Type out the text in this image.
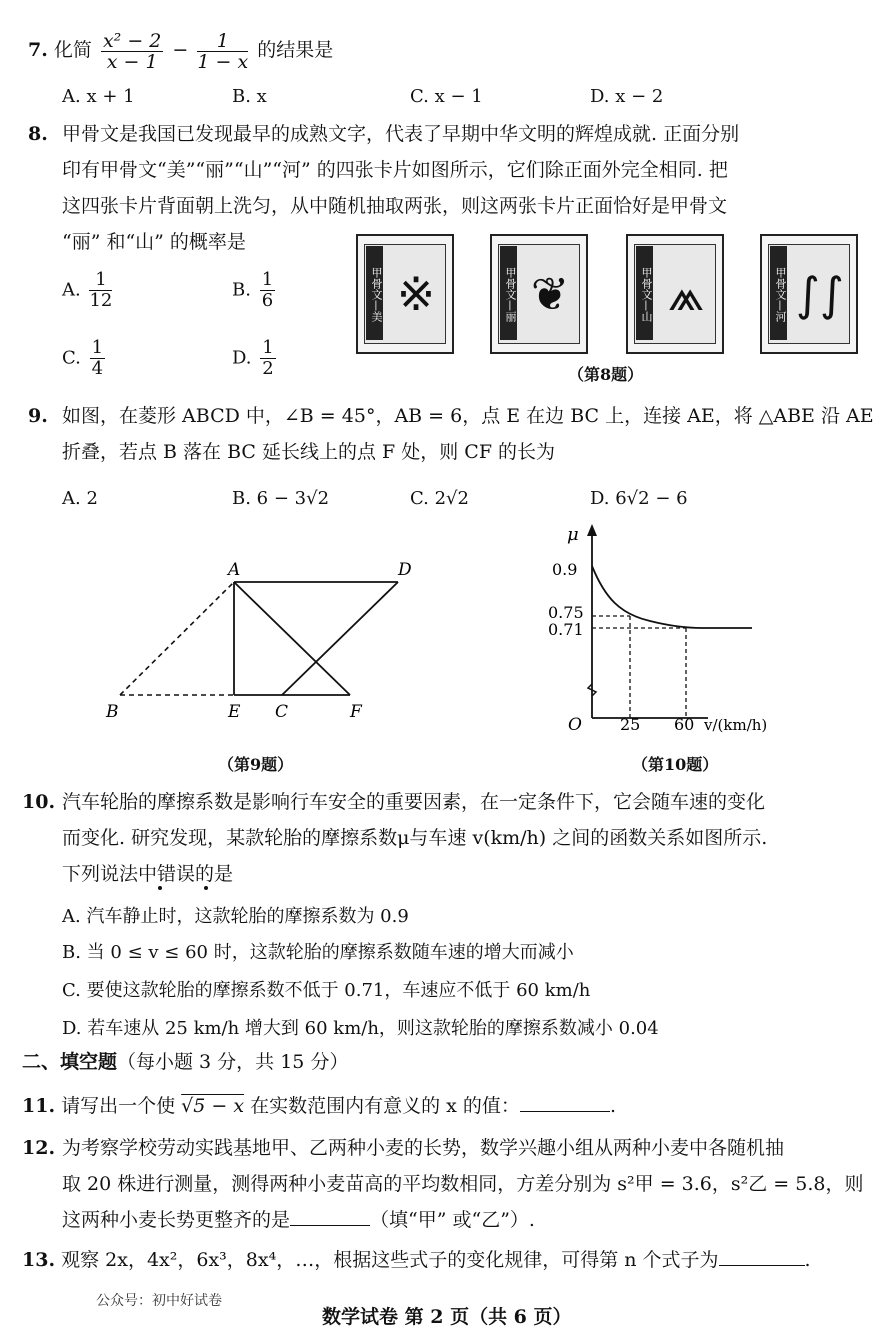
7. 化简 $\frac{\text{x² − 2}}{x - 1} - \frac{1}{1 - x}$ 的结果是
A. x + 1	B. x	C. x − 1	D. x − 2
8. 甲骨文是我国已发现最早的成熟文字，代表了早期中华文明的辉煌成就. 正面分别
印有甲骨文“美”“丽”“山”“河” 的四张卡片如图所示，它们除正面外完全相同. 把
这四张卡片背面朝上洗匀，从中随机抽取两张，则这两张卡片正面恰好是甲骨文
“丽” 和“山” 的概率是
A. $\frac{1}{12}$	B. $\frac{1}{6}$
C. $\frac{1}{4}$	D. $\frac{1}{2}$
甲骨文—美 ※	甲骨文—丽 ❦	甲骨文—山 ⩕	甲骨文—河 ∫∫
（第8题）
9. 如图，在菱形 ABCD 中，∠B = 45°，AB = 6，点 E 在边 BC 上，连接 AE，将 △ABE 沿 AE
折叠，若点 B 落在 BC 延长线上的点 F 处，则 CF 的长为
A. 2	B. 6 − 3√2	C. 2√2	D. 6√2 − 6
A	D
B	E C	F
（第9题）
μ
0.9
0.75
0.71
O 25 60 v/(km/h)
（第10题）
10. 汽车轮胎的摩擦系数是影响行车安全的重要因素，在一定条件下，它会随车速的变化
而变化. 研究发现，某款轮胎的摩擦系数μ与车速 v(km/h) 之间的函数关系如图所示.
下列说法中错误的是
A. 汽车静止时，这款轮胎的摩擦系数为 0.9
B. 当 0 ≤ v ≤ 60 时，这款轮胎的摩擦系数随车速的增大而减小
C. 要使这款轮胎的摩擦系数不低于 0.71，车速应不低于 60 km/h
D. 若车速从 25 km/h 增大到 60 km/h，则这款轮胎的摩擦系数减小 0.04
二、填空题（每小题 3 分，共 15 分）
11. 请写出一个使 √5 − x 在实数范围内有意义的 x 的值：	.
12. 为考察学校劳动实践基地甲、乙两种小麦的长势，数学兴趣小组从两种小麦中各随机抽
取 20 株进行测量，测得两种小麦苗高的平均数相同，方差分别为 s²甲 = 3.6，s²乙 = 5.8，则
这两种小麦长势更整齐的是	（填“甲” 或“乙”）.
13. 观察 2x，4x²，6x³，8x⁴，…，根据这些式子的变化规律，可得第 n 个式子为	.
公众号：初中好试卷
数学试卷 第 2 页（共 6 页）
